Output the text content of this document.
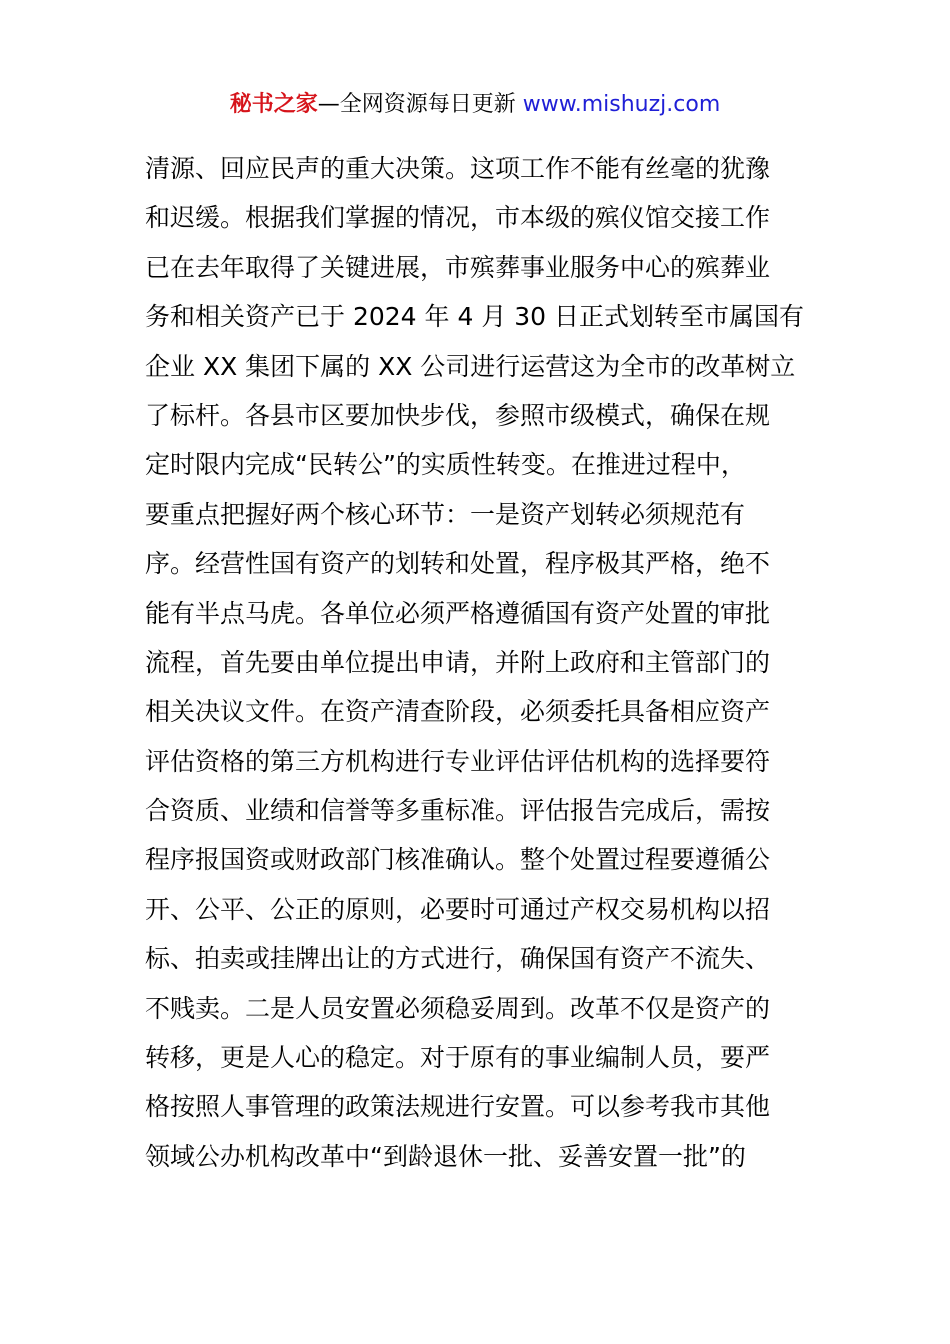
秘书之家—全网资源每日更新 www.mishuzj.com
清源、回应民声的重大决策。这项工作不能有丝毫的犹豫
和迟缓。根据我们掌握的情况，市本级的殡仪馆交接工作
已在去年取得了关键进展，市殡葬事业服务中心的殡葬业
务和相关资产已于 2024 年 4 月 30 日正式划转至市属国有
企业 XX 集团下属的 XX 公司进行运营这为全市的改革树立
了标杆。各县市区要加快步伐，参照市级模式，确保在规
定时限内完成“民转公”的实质性转变。在推进过程中，
要重点把握好两个核心环节：一是资产划转必须规范有
序。经营性国有资产的划转和处置，程序极其严格，绝不
能有半点马虎。各单位必须严格遵循国有资产处置的审批
流程，首先要由单位提出申请，并附上政府和主管部门的
相关决议文件。在资产清查阶段，必须委托具备相应资产
评估资格的第三方机构进行专业评估评估机构的选择要符
合资质、业绩和信誉等多重标准。评估报告完成后，需按
程序报国资或财政部门核准确认。整个处置过程要遵循公
开、公平、公正的原则，必要时可通过产权交易机构以招
标、拍卖或挂牌出让的方式进行，确保国有资产不流失、
不贱卖。二是人员安置必须稳妥周到。改革不仅是资产的
转移，更是人心的稳定。对于原有的事业编制人员，要严
格按照人事管理的政策法规进行安置。可以参考我市其他
领域公办机构改革中“到龄退休一批、妥善安置一批”的
